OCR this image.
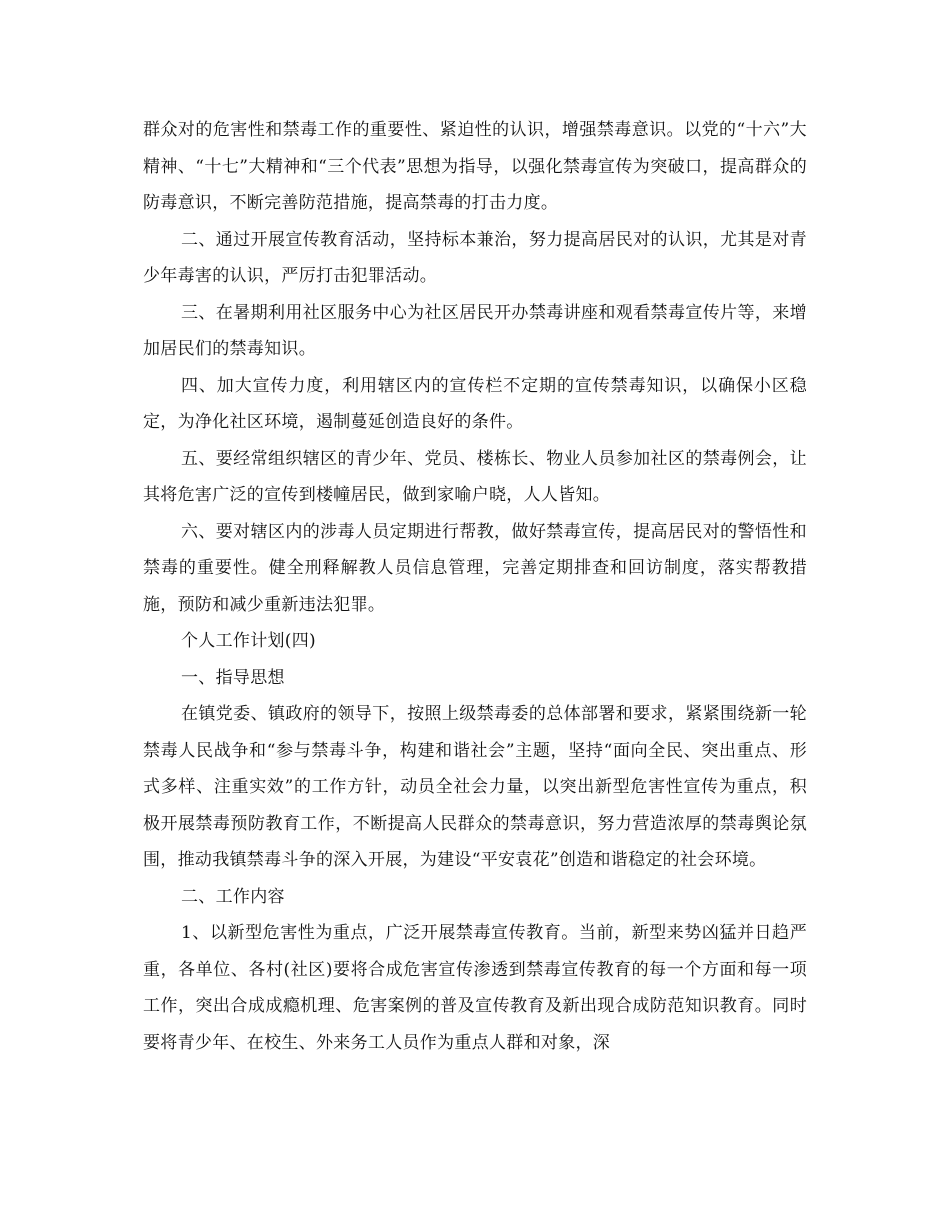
群众对的危害性和禁毒工作的重要性、紧迫性的认识，增强禁毒意识。以党的“十六”大精神、“十七”大精神和“三个代表”思想为指导，以强化禁毒宣传为突破口，提高群众的防毒意识，不断完善防范措施，提高禁毒的打击力度。

二、通过开展宣传教育活动，坚持标本兼治，努力提高居民对的认识，尤其是对青少年毒害的认识，严厉打击犯罪活动。

三、在暑期利用社区服务中心为社区居民开办禁毒讲座和观看禁毒宣传片等，来增加居民们的禁毒知识。

四、加大宣传力度，利用辖区内的宣传栏不定期的宣传禁毒知识，以确保小区稳定，为净化社区环境，遏制蔓延创造良好的条件。

五、要经常组织辖区的青少年、党员、楼栋长、物业人员参加社区的禁毒例会，让其将危害广泛的宣传到楼幢居民，做到家喻户晓，人人皆知。

六、要对辖区内的涉毒人员定期进行帮教，做好禁毒宣传，提高居民对的警悟性和禁毒的重要性。健全刑释解教人员信息管理，完善定期排查和回访制度，落实帮教措施，预防和减少重新违法犯罪。

个人工作计划(四)

一、指导思想

在镇党委、镇政府的领导下，按照上级禁毒委的总体部署和要求，紧紧围绕新一轮禁毒人民战争和“参与禁毒斗争，构建和谐社会”主题，坚持“面向全民、突出重点、形式多样、注重实效”的工作方针，动员全社会力量，以突出新型危害性宣传为重点，积极开展禁毒预防教育工作，不断提高人民群众的禁毒意识，努力营造浓厚的禁毒舆论氛围，推动我镇禁毒斗争的深入开展，为建设“平安袁花”创造和谐稳定的社会环境。

二、工作内容

1、以新型危害性为重点，广泛开展禁毒宣传教育。当前，新型来势凶猛并日趋严重，各单位、各村(社区)要将合成危害宣传渗透到禁毒宣传教育的每一个方面和每一项工作，突出合成成瘾机理、危害案例的普及宣传教育及新出现合成防范知识教育。同时要将青少年、在校生、外来务工人员作为重点人群和对象，深
